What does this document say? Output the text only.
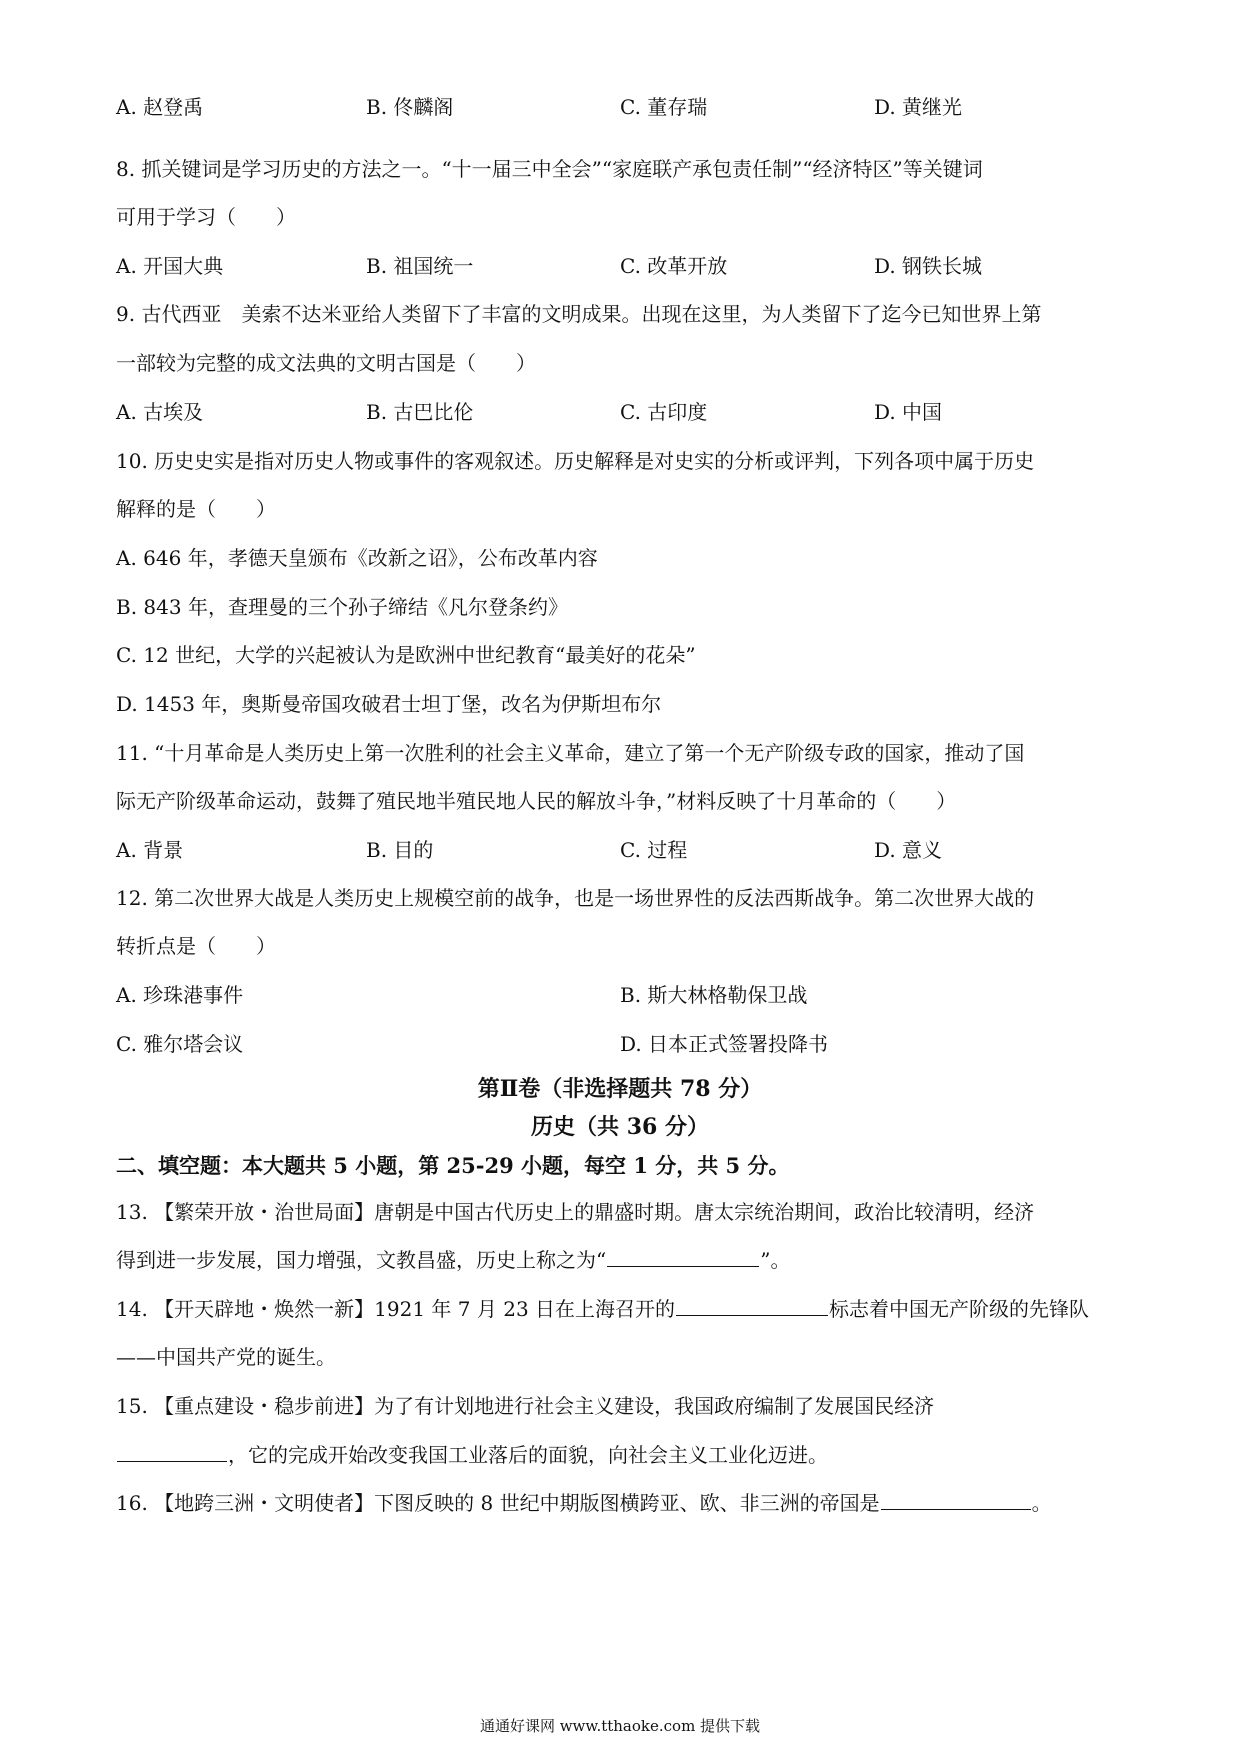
A. 赵登禹	B. 佟麟阁	C. 董存瑞	D. 黄继光
8. 抓关键词是学习历史的方法之一。“十一届三中全会”“家庭联产承包责任制”“经济特区”等关键词
可用于学习（　　）
A. 开国大典	B. 祖国统一	C. 改革开放	D. 钢铁长城
9. 古代西亚　美索不达米亚给人类留下了丰富的文明成果。出现在这里，为人类留下了迄今已知世界上第
一部较为完整的成文法典的文明古国是（　　）
A. 古埃及	B. 古巴比伦	C. 古印度	D. 中国
10. 历史史实是指对历史人物或事件的客观叙述。历史解释是对史实的分析或评判，下列各项中属于历史
解释的是（　　）
A. 646 年，孝德天皇颁布《改新之诏》，公布改革内容
B. 843 年，查理曼的三个孙子缔结《凡尔登条约》
C. 12 世纪，大学的兴起被认为是欧洲中世纪教育“最美好的花朵”
D. 1453 年，奥斯曼帝国攻破君士坦丁堡，改名为伊斯坦布尔
11. “十月革命是人类历史上第一次胜利的社会主义革命，建立了第一个无产阶级专政的国家，推动了国
际无产阶级革命运动，鼓舞了殖民地半殖民地人民的解放斗争，”材料反映了十月革命的（　　）
A. 背景	B. 目的	C. 过程	D. 意义
12. 第二次世界大战是人类历史上规模空前的战争，也是一场世界性的反法西斯战争。第二次世界大战的
转折点是（　　）
A. 珍珠港事件	B. 斯大林格勒保卫战
C. 雅尔塔会议	D. 日本正式签署投降书
第Ⅱ卷（非选择题共 78 分）
历史（共 36 分）
二、填空题：本大题共 5 小题，第 25-29 小题，每空 1 分，共 5 分。
13. 【繁荣开放・治世局面】唐朝是中国古代历史上的鼎盛时期。唐太宗统治期间，政治比较清明，经济
得到进一步发展，国力增强，文教昌盛，历史上称之为“	”。
14. 【开天辟地・焕然一新】1921 年 7 月 23 日在上海召开的	标志着中国无产阶级的先锋队
——中国共产党的诞生。
15. 【重点建设・稳步前进】为了有计划地进行社会主义建设，我国政府编制了发展国民经济
，它的完成开始改变我国工业落后的面貌，向社会主义工业化迈进。
16. 【地跨三洲・文明使者】下图反映的 8 世纪中期版图横跨亚、欧、非三洲的帝国是	。
通通好课网 www.tthaoke.com 提供下载
